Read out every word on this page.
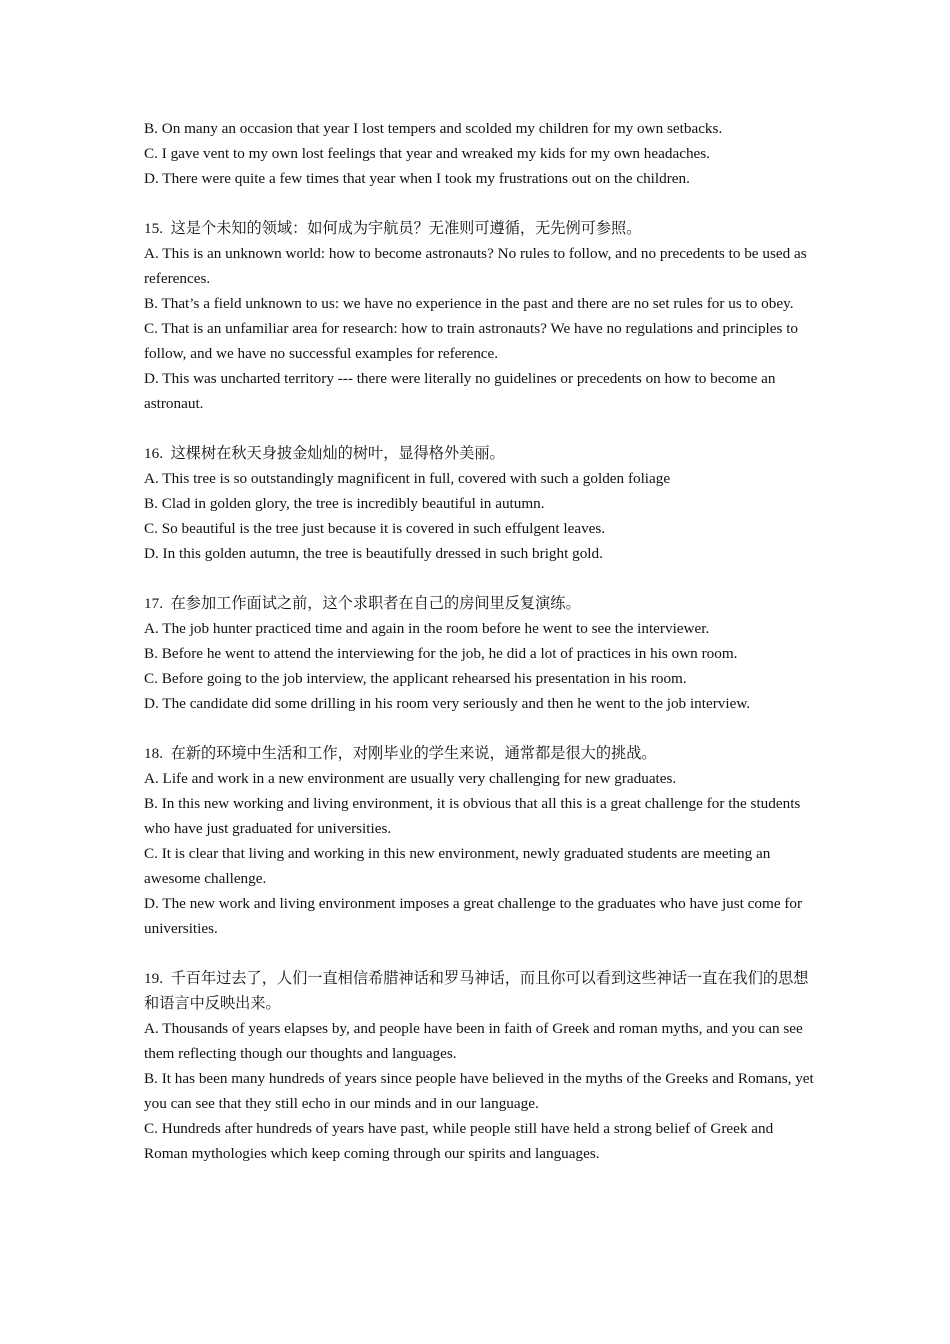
B. On many an occasion that year I lost tempers and scolded my children for my own setbacks.

C. I gave vent to my own lost feelings that year and wreaked my kids for my own headaches.

D. There were quite a few times that year when I took my frustrations out on the children.

15. 这是个未知的领域：如何成为宇航员？无准则可遵循，无先例可参照。

A. This is an unknown world: how to become astronauts? No rules to follow, and no precedents to be used as references.

B. That’s a field unknown to us: we have no experience in the past and there are no set rules for us to obey.

C. That is an unfamiliar area for research: how to train astronauts? We have no regulations and principles to follow, and we have no successful examples for reference.

D. This was uncharted territory --- there were literally no guidelines or precedents on how to become an astronaut.

16. 这棵树在秋天身披金灿灿的树叶，显得格外美丽。

A. This tree is so outstandingly magnificent in full, covered with such a golden foliage

B. Clad in golden glory, the tree is incredibly beautiful in autumn.

C. So beautiful is the tree just because it is covered in such effulgent leaves.

D. In this golden autumn, the tree is beautifully dressed in such bright gold.

17. 在参加工作面试之前，这个求职者在自己的房间里反复演练。

A. The job hunter practiced time and again in the room before he went to see the interviewer.

B. Before he went to attend the interviewing for the job, he did a lot of practices in his own room.

C. Before going to the job interview, the applicant rehearsed his presentation in his room.

D. The candidate did some drilling in his room very seriously and then he went to the job interview.

18. 在新的环境中生活和工作，对刚毕业的学生来说，通常都是很大的挑战。

A. Life and work in a new environment are usually very challenging for new graduates.

B. In this new working and living environment, it is obvious that all this is a great challenge for the students who have just graduated for universities.

C. It is clear that living and working in this new environment, newly graduated students are meeting an awesome challenge.

D. The new work and living environment imposes a great challenge to the graduates who have just come for universities.

19. 千百年过去了，人们一直相信希腊神话和罗马神话，而且你可以看到这些神话一直在我们的思想和语言中反映出来。

A. Thousands of years elapses by, and people have been in faith of Greek and roman myths, and you can see them reflecting though our thoughts and languages.

B. It has been many hundreds of years since people have believed in the myths of the Greeks and Romans, yet you can see that they still echo in our minds and in our language.

C. Hundreds after hundreds of years have past, while people still have held a strong belief of Greek and Roman mythologies which keep coming through our spirits and languages.
